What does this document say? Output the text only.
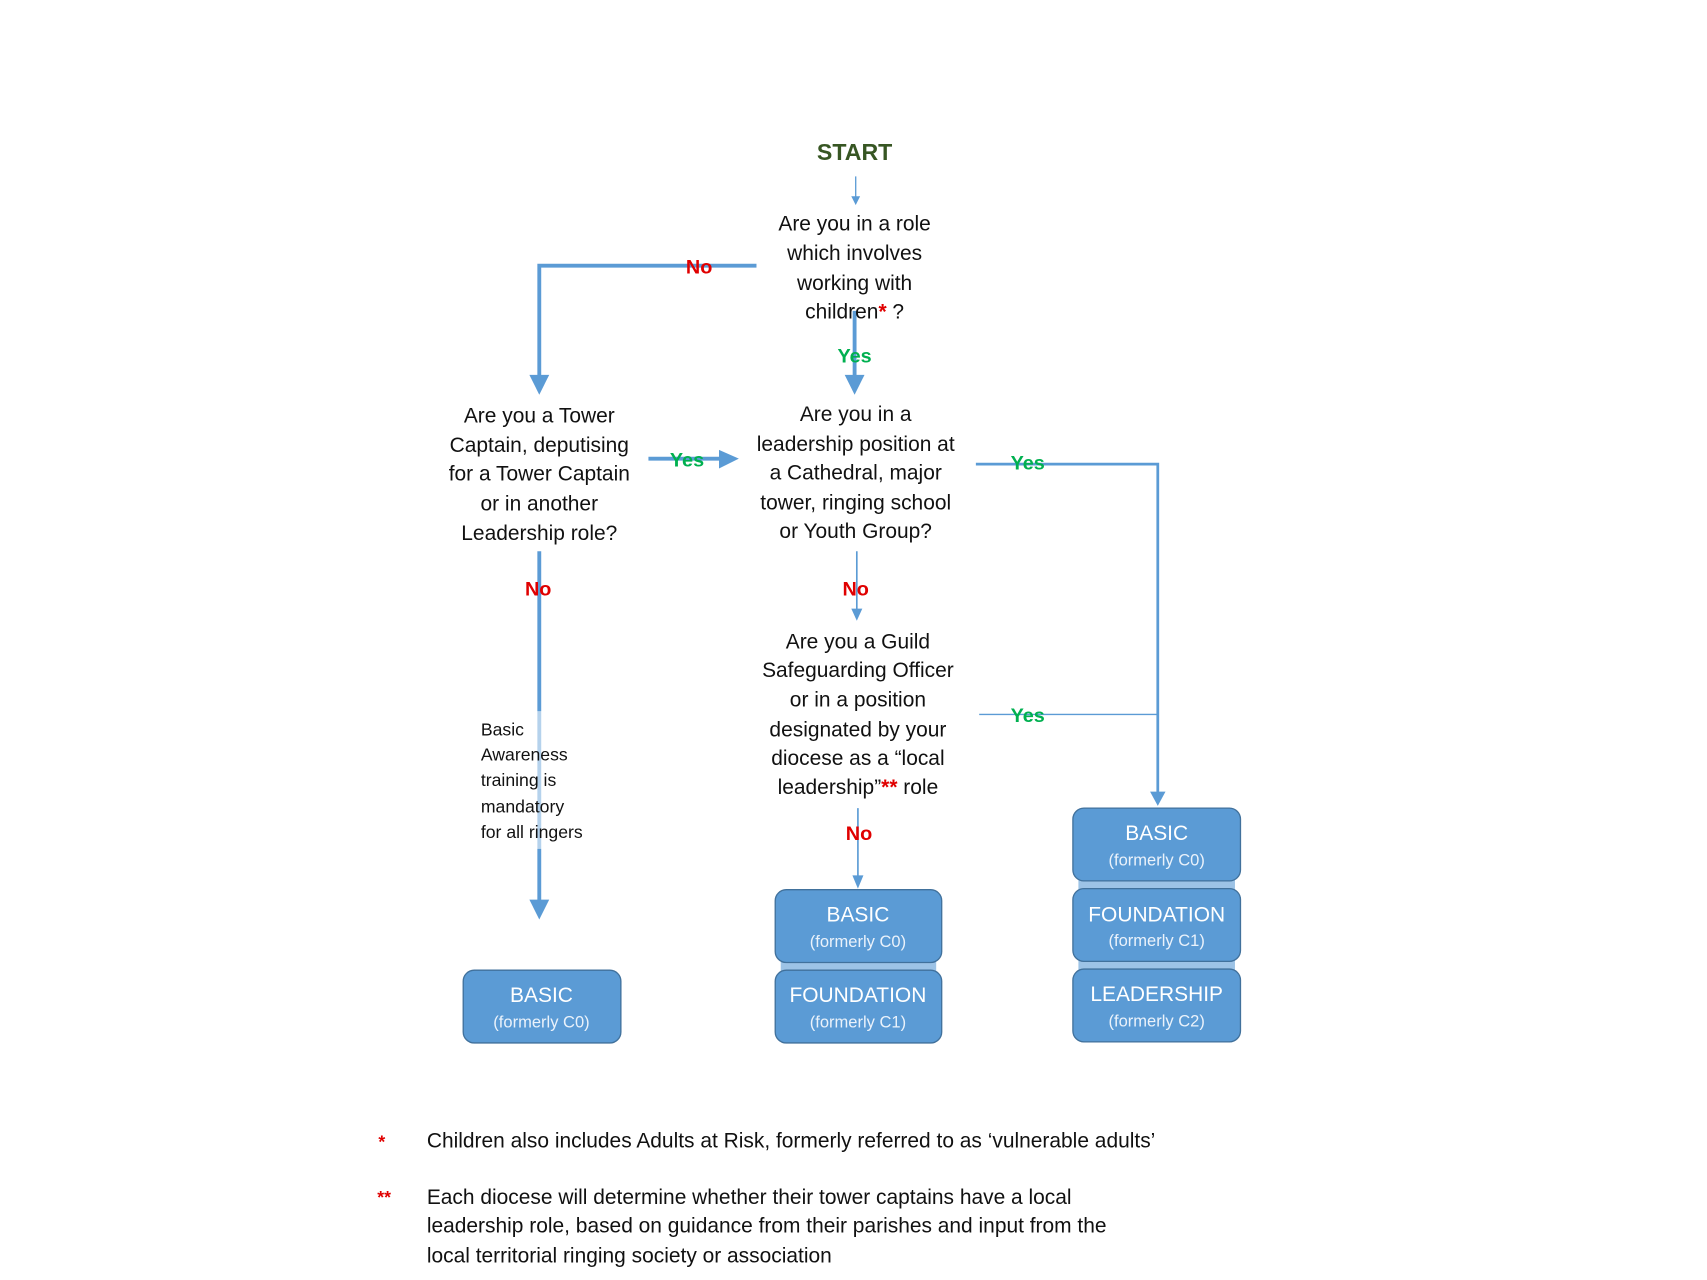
START
No
Yes
Yes	Yes
No	No
Yes
No
Are you in a role
which involves
working with
children* ?
Are you a Tower
Captain, deputising
for a Tower Captain
or in another
Leadership role?
Are you in a
leadership position at
a Cathedral, major
tower, ringing school
or Youth Group?
Are you a Guild
Safeguarding Officer
or in a position
designated by your
diocese as a “local
leadership”** role
Basic
Awareness
training is
mandatory
for all ringers
BASIC
(formerly C0)
BASIC
(formerly C0)
FOUNDATION
(formerly C1)
BASIC
(formerly C0)
FOUNDATION
(formerly C1)
LEADERSHIP
(formerly C2)
* Children also includes Adults at Risk, formerly referred to as ‘vulnerable adults’
** Each diocese will determine whether their tower captains have a local
leadership role, based on guidance from their parishes and input from the
local territorial ringing society or association
